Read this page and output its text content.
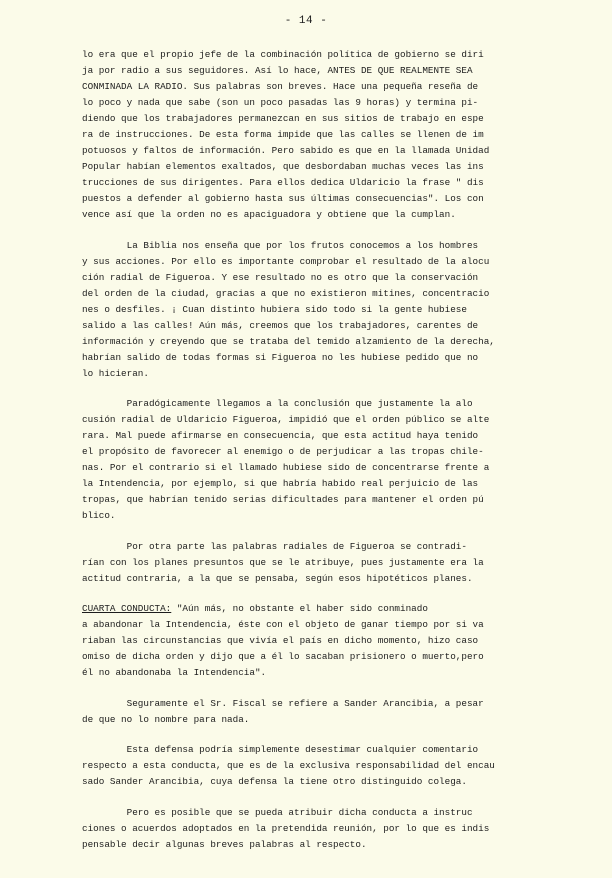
- 14 -
lo era que el propio jefe de la combinación política de gobierno se diri
ja por radio a sus seguidores. Así lo hace, ANTES DE QUE REALMENTE SEA
CONMINADA LA RADIO. Sus palabras son breves. Hace una pequeña reseña de
lo poco y nada que sabe (son un poco pasadas las 9 horas) y termina pi-
diendo que los trabajadores permanezcan en sus sitios de trabajo en espe
ra de instrucciones. De esta forma impide que las calles se llenen de im
potuosos y faltos de información. Pero sabido es que en la llamada Unidad
Popular habían elementos exaltados, que desbordaban muchas veces las ins
trucciones de sus dirigentes. Para ellos dedica Uldaricio la frase " dis
puestos a defender al gobierno hasta sus últimas consecuencias". Los con
vence así que la orden no es apaciguadora y obtiene que la cumplan.
La Biblia nos enseña que por los frutos conocemos a los hombres
y sus acciones. Por ello es importante comprobar el resultado de la alocu
ción radial de Figueroa. Y ese resultado no es otro que la conservación
del orden de la ciudad, gracias a que no existieron mitines, concentracio
nes o desfiles. ¡ Cuan distinto hubiera sido todo si la gente hubiese
salido a las calles! Aún más, creemos que los trabajadores, carentes de
información y creyendo que se trataba del temido alzamiento de la derecha,
habrían salido de todas formas si Figueroa no les hubiese pedido que no
lo hicieran.
Paradógicamente llegamos a la conclusión que justamente la alo
cusión radial de Uldaricio Figueroa, impidió que el orden público se alte
rara. Mal puede afirmarse en consecuencia, que esta actitud haya tenido
el propósito de favorecer al enemigo o de perjudicar a las tropas chile-
nas. Por el contrario si el llamado hubiese sido de concentrarse frente a
la Intendencia, por ejemplo, si que habría habido real perjuicio de las
tropas, que habrían tenido serias dificultades para mantener el orden pú
blico.
Por otra parte las palabras radiales de Figueroa se contradi-
rían con los planes presuntos que se le atribuye, pues justamente era la
actitud contraria, a la que se pensaba, según esos hipotéticos planes.
CUARTA CONDUCTA: "Aún más, no obstante el haber sido conminado
a abandonar la Intendencia, éste con el objeto de ganar tiempo por si va
riaban las circunstancias que vivía el país en dicho momento, hizo caso
omiso de dicha orden y dijo que a él lo sacaban prisionero o muerto,pero
él no abandonaba la Intendencia".
Seguramente el Sr. Fiscal se refiere a Sander Arancibia, a pesar
de que no lo nombre para nada.
Esta defensa podría simplemente desestimar cualquier comentario
respecto a esta conducta, que es de la exclusiva responsabilidad del encau
sado Sander Arancibia, cuya defensa la tiene otro distinguido colega.
Pero es posible que se pueda atribuir dicha conducta a instruc
ciones o acuerdos adoptados en la pretendida reunión, por lo que es indis
pensable decir algunas breves palabras al respecto.
